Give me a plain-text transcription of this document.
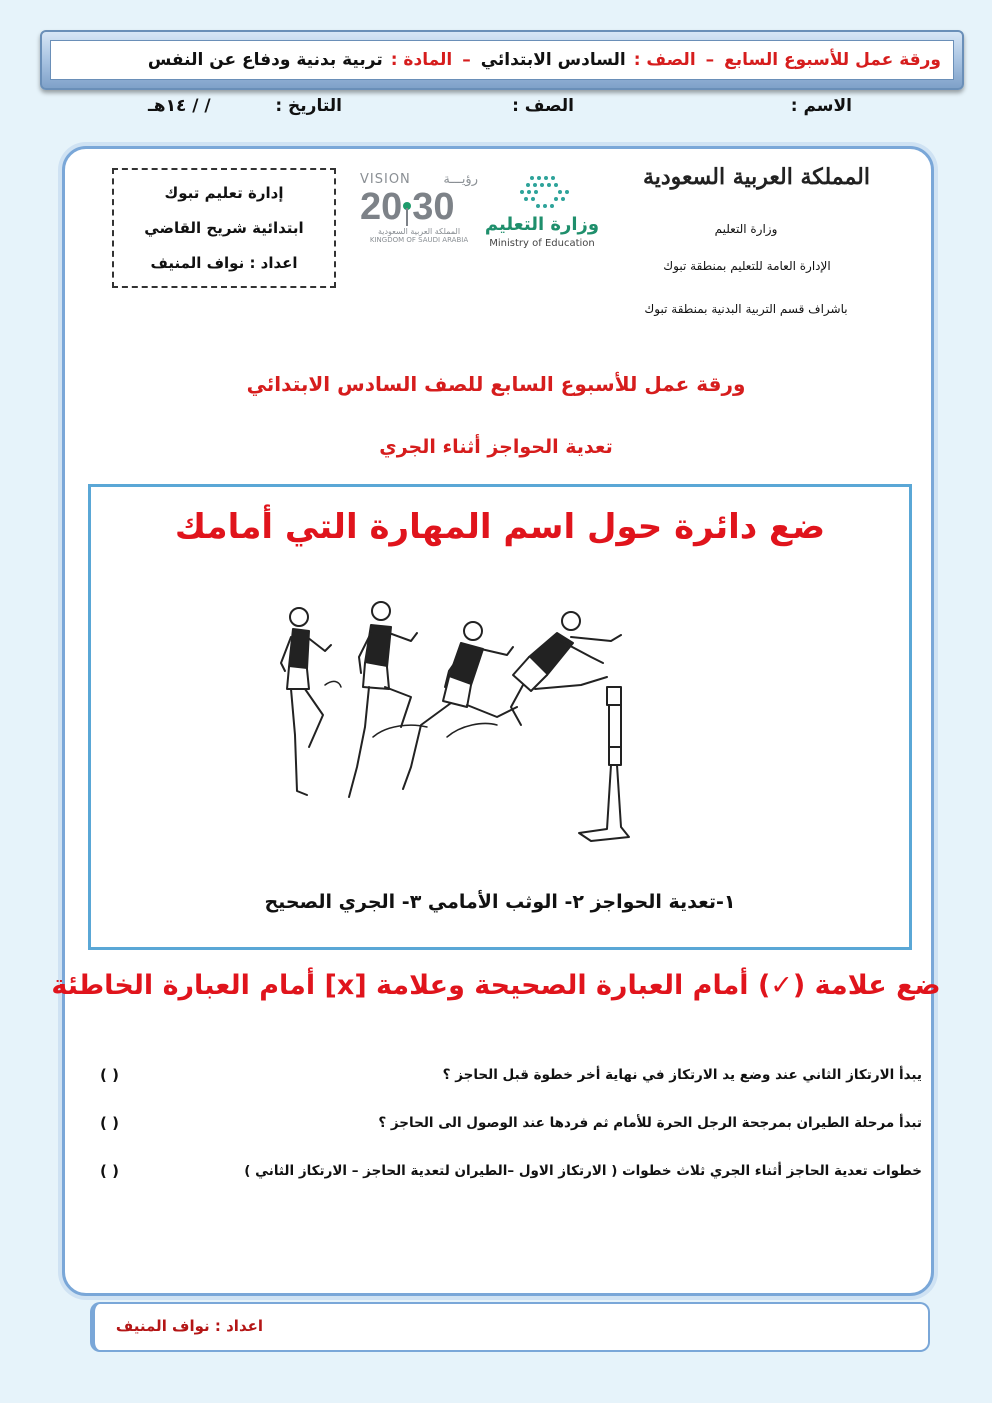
ورقة عمل للأسبوع السابع
–
الصف :
السادس الابتدائي
–
المادة :
تربية بدنية ودفاع عن النفس
الاسم :
الصف :
التاريخ :
/ / ١٤هـ
إدارة تعليم تبوك
ابتدائية شريح القاضي
اعداد : نواف المنيف
VISION	رؤيـــة
20 30
المملكة العربية السعودية
KINGDOM OF SAUDI ARABIA
وزارة التعليم
Ministry of Education
المملكة العربية السعودية
وزارة التعليم
الإدارة العامة للتعليم بمنطقة تبوك
باشراف قسم التربية البدنية بمنطقة تبوك
ورقة عمل للأسبوع السابع للصف السادس الابتدائي
تعدية الحواجز أثناء الجري
ضع دائرة حول اسم المهارة التي أمامك
١-تعدية الحواجز ٢- الوثب الأمامي ٣- الجري الصحيح
ضع علامة (✓) أمام العبارة الصحيحة وعلامة [x] أمام العبارة الخاطئة
يبدأ الارتكاز الثاني عند وضع يد الارتكاز في نهاية أخر خطوة قبل الحاجز ؟
( )
تبدأ مرحلة الطيران بمرجحة الرجل الحرة للأمام ثم فردها عند الوصول الى الحاجز ؟
( )
خطوات تعدية الحاجز أثناء الجري ثلاث خطوات ( الارتكاز الاول –الطيران لتعدية الحاجز – الارتكاز الثاني )
( )
اعداد : نواف المنيف
